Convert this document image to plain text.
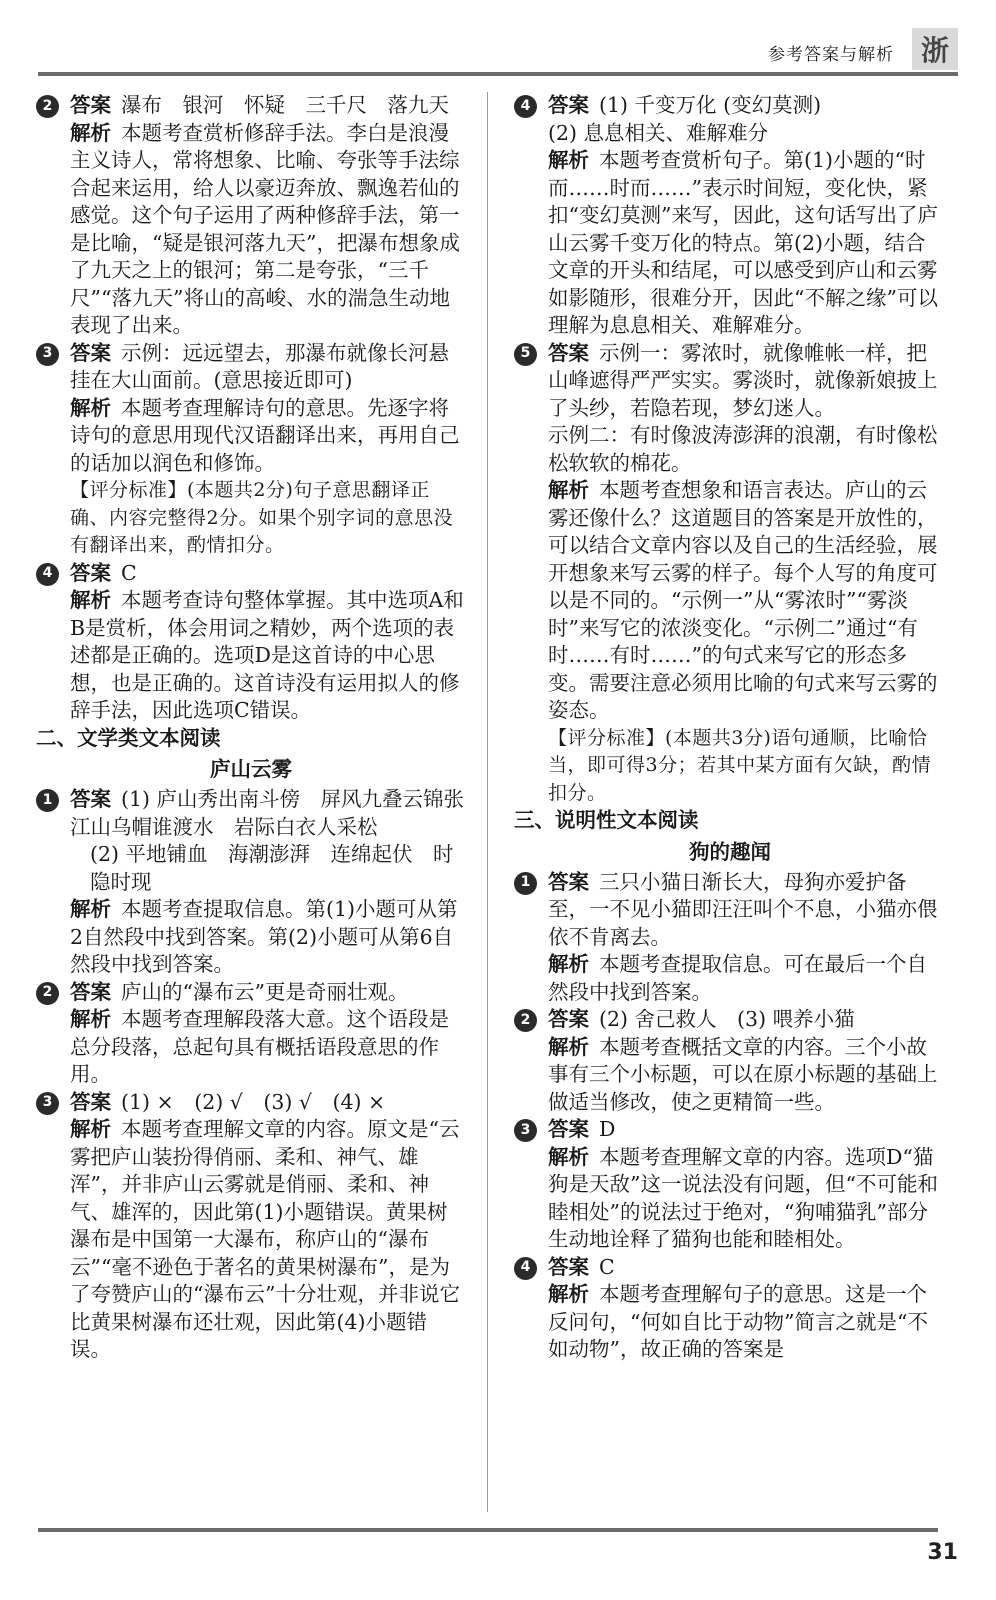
参考答案与解析 浙
2 答案 瀑布　银河　怀疑　三千尺　落九天

解析 本题考查赏析修辞手法。李白是浪漫主义诗人，常将想象、比喻、夸张等手法综合起来运用，给人以豪迈奔放、飘逸若仙的感觉。这个句子运用了两种修辞手法，第一是比喻，“疑是银河落九天”，把瀑布想象成了九天之上的银河；第二是夸张，“三千尺”“落九天”将山的高峻、水的湍急生动地表现了出来。

3 答案 示例：远远望去，那瀑布就像长河悬挂在大山面前。(意思接近即可)

解析 本题考查理解诗句的意思。先逐字将诗句的意思用现代汉语翻译出来，再用自己的话加以润色和修饰。

【评分标准】(本题共2分)句子意思翻译正确、内容完整得2分。如果个别字词的意思没有翻译出来，酌情扣分。

4 答案 C

解析 本题考查诗句整体掌握。其中选项A和B是赏析，体会用词之精妙，两个选项的表述都是正确的。选项D是这首诗的中心思想，也是正确的。这首诗没有运用拟人的修辞手法，因此选项C错误。

二、文学类文本阅读

庐山云雾

1 答案 (1) 庐山秀出南斗傍　屏风九叠云锦张　江山乌帽谁渡水　岩际白衣人采松

(2) 平地铺血　海潮澎湃　连绵起伏　时隐时现

解析 本题考查提取信息。第(1)小题可从第2自然段中找到答案。第(2)小题可从第6自然段中找到答案。

2 答案 庐山的“瀑布云”更是奇丽壮观。

解析 本题考查理解段落大意。这个语段是总分段落，总起句具有概括语段意思的作用。

3 答案 (1) ×　(2) √　(3) √　(4) ×

解析 本题考查理解文章的内容。原文是“云雾把庐山装扮得俏丽、柔和、神气、雄浑”，并非庐山云雾就是俏丽、柔和、神气、雄浑的，因此第(1)小题错误。黄果树瀑布是中国第一大瀑布，称庐山的“瀑布云”“毫不逊色于著名的黄果树瀑布”，是为了夸赞庐山的“瀑布云”十分壮观，并非说它比黄果树瀑布还壮观，因此第(4)小题错误。

4 答案 (1) 千变万化 (变幻莫测)

(2) 息息相关、难解难分

解析 本题考查赏析句子。第(1)小题的“时而……时而……”表示时间短，变化快，紧扣“变幻莫测”来写，因此，这句话写出了庐山云雾千变万化的特点。第(2)小题，结合文章的开头和结尾，可以感受到庐山和云雾如影随形，很难分开，因此“不解之缘”可以理解为息息相关、难解难分。

5 答案 示例一：雾浓时，就像帷帐一样，把山峰遮得严严实实。雾淡时，就像新娘披上了头纱，若隐若现，梦幻迷人。

示例二：有时像波涛澎湃的浪潮，有时像松松软软的棉花。

解析 本题考查想象和语言表达。庐山的云雾还像什么？这道题目的答案是开放性的，可以结合文章内容以及自己的生活经验，展开想象来写云雾的样子。每个人写的角度可以是不同的。“示例一”从“雾浓时”“雾淡时”来写它的浓淡变化。“示例二”通过“有时……有时……”的句式来写它的形态多变。需要注意必须用比喻的句式来写云雾的姿态。

【评分标准】(本题共3分)语句通顺，比喻恰当，即可得3分；若其中某方面有欠缺，酌情扣分。

三、说明性文本阅读

狗的趣闻

1 答案 三只小猫日渐长大，母狗亦爱护备至，一不见小猫即汪汪叫个不息，小猫亦偎依不肯离去。

解析 本题考查提取信息。可在最后一个自然段中找到答案。

2 答案 (2) 舍己救人　(3) 喂养小猫

解析 本题考查概括文章的内容。三个小故事有三个小标题，可以在原小标题的基础上做适当修改，使之更精简一些。

3 答案 D

解析 本题考查理解文章的内容。选项D“猫狗是天敌”这一说法没有问题，但“不可能和睦相处”的说法过于绝对，“狗哺猫乳”部分生动地诠释了猫狗也能和睦相处。

4 答案 C

解析 本题考查理解句子的意思。这是一个反问句，“何如自比于动物”简言之就是“不如动物”，故正确的答案是

31
